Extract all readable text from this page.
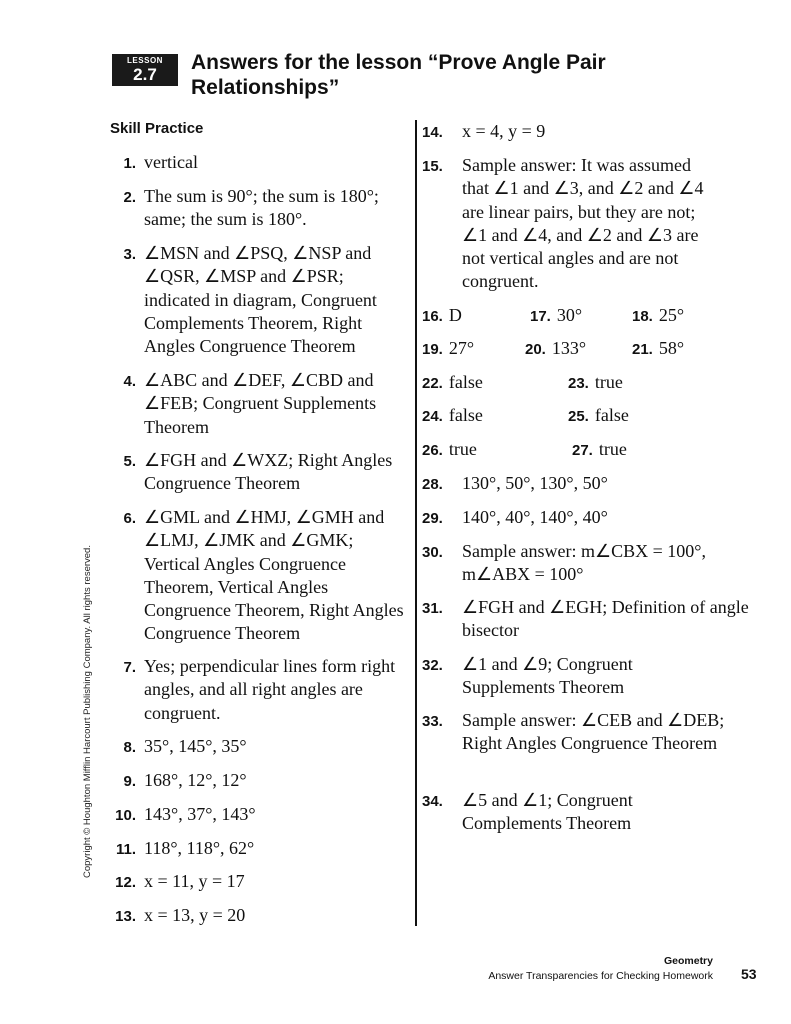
LESSON
2.7
Answers for the lesson “Prove Angle Pair
Relationships”
Skill Practice
1. vertical
2. The sum is 90°; the sum is 180°; same; the sum is 180°.
3. ∠MSN and ∠PSQ, ∠NSP and ∠QSR, ∠MSP and ∠PSR; indicated in diagram, Congruent Complements Theorem, Right Angles Congruence Theorem
4. ∠ABC and ∠DEF, ∠CBD and ∠FEB; Congruent Supplements Theorem
5. ∠FGH and ∠WXZ; Right Angles Congruence Theorem
6. ∠GML and ∠HMJ, ∠GMH and ∠LMJ, ∠JMK and ∠GMK; Vertical Angles Congruence Theorem, Vertical Angles Congruence Theorem, Right Angles Congruence Theorem
7. Yes; perpendicular lines form right angles, and all right angles are congruent.
8. 35°, 145°, 35°
9. 168°, 12°, 12°
10. 143°, 37°, 143°
11. 118°, 118°, 62°
12. x = 11, y = 17
13. x = 13, y = 20
14. x = 4, y = 9
15. Sample answer: It was assumed that ∠1 and ∠3, and ∠2 and ∠4 are linear pairs, but they are not; ∠1 and ∠4, and ∠2 and ∠3 are not vertical angles and are not congruent.
16. D	17. 30°	18. 25°
19. 27°	20. 133°	21. 58°
22. false	23. true
24. false	25. false
26. true	27. true
28. 130°, 50°, 130°, 50°
29. 140°, 40°, 140°, 40°
30. Sample answer: m∠CBX = 100°, m∠ABX = 100°
31. ∠FGH and ∠EGH; Definition of angle bisector
32. ∠1 and ∠9; Congruent Supplements Theorem
33. Sample answer: ∠CEB and ∠DEB; Right Angles Congruence Theorem
34. ∠5 and ∠1; Congruent Complements Theorem
Copyright © Houghton Mifflin Harcourt Publishing Company. All rights reserved.
Geometry
Answer Transparencies for Checking Homework 53
